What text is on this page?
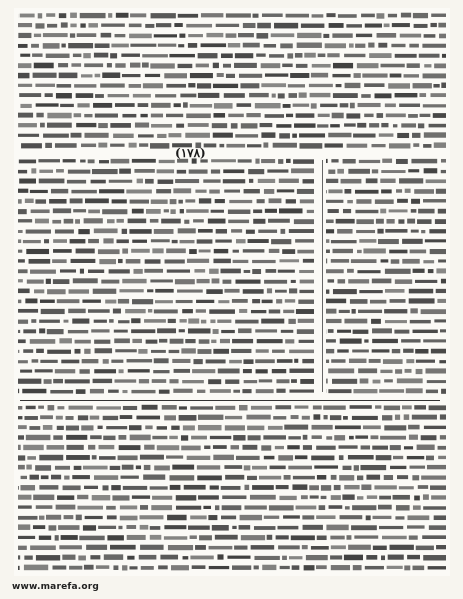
(١٧٨)
www.marefa.org
